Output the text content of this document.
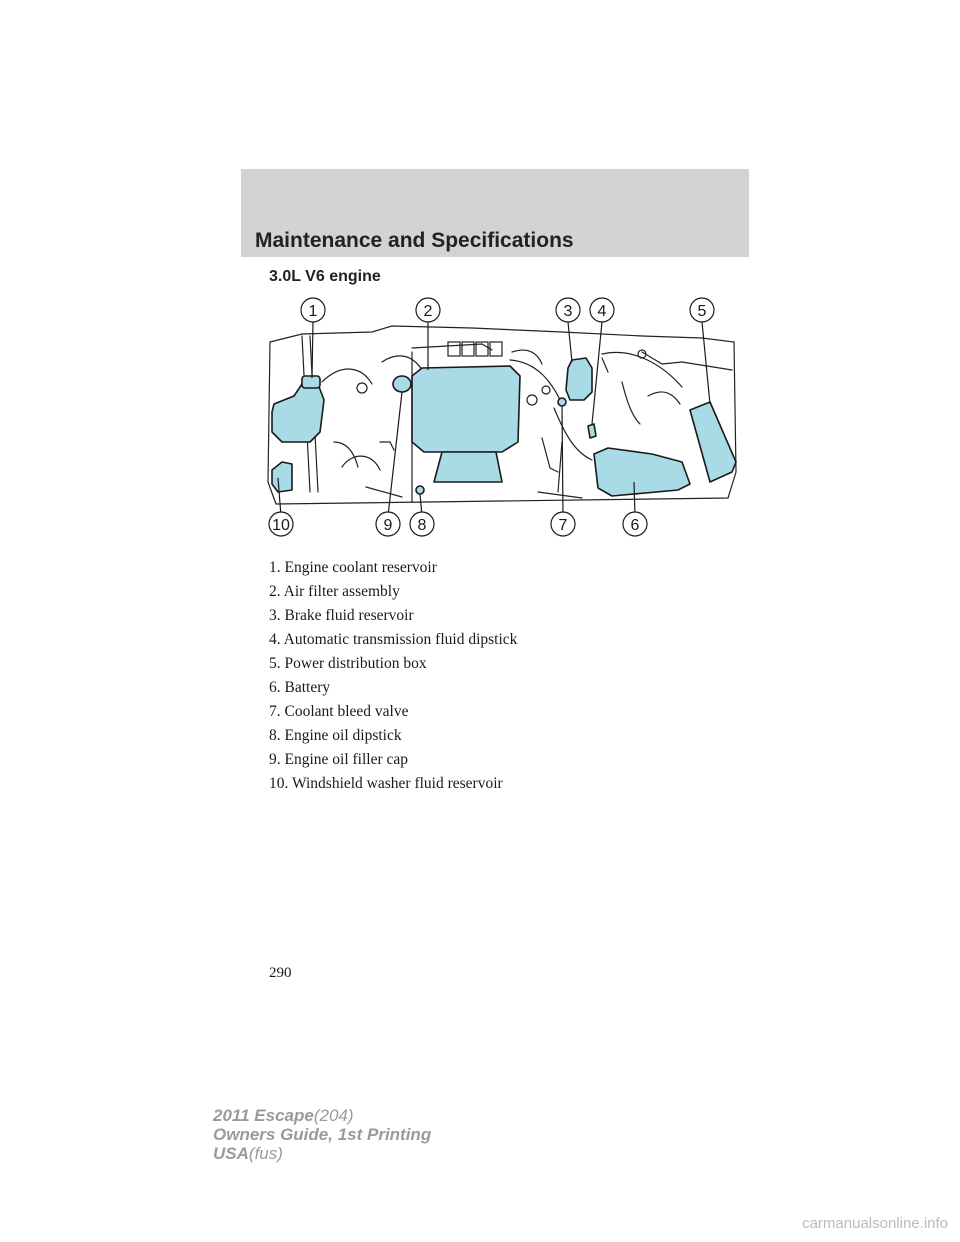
Maintenance and Specifications
3.0L V6 engine
1	2	3 4	5
6
7
8
9
10
1. Engine coolant reservoir
2. Air filter assembly
3. Brake fluid reservoir
4. Automatic transmission fluid dipstick
5. Power distribution box
6. Battery
7. Coolant bleed valve
8. Engine oil dipstick
9. Engine oil filler cap
10. Windshield washer fluid reservoir
290
2011 Escape(204)
Owners Guide, 1st Printing
USA(fus)
carmanualsonline.info
